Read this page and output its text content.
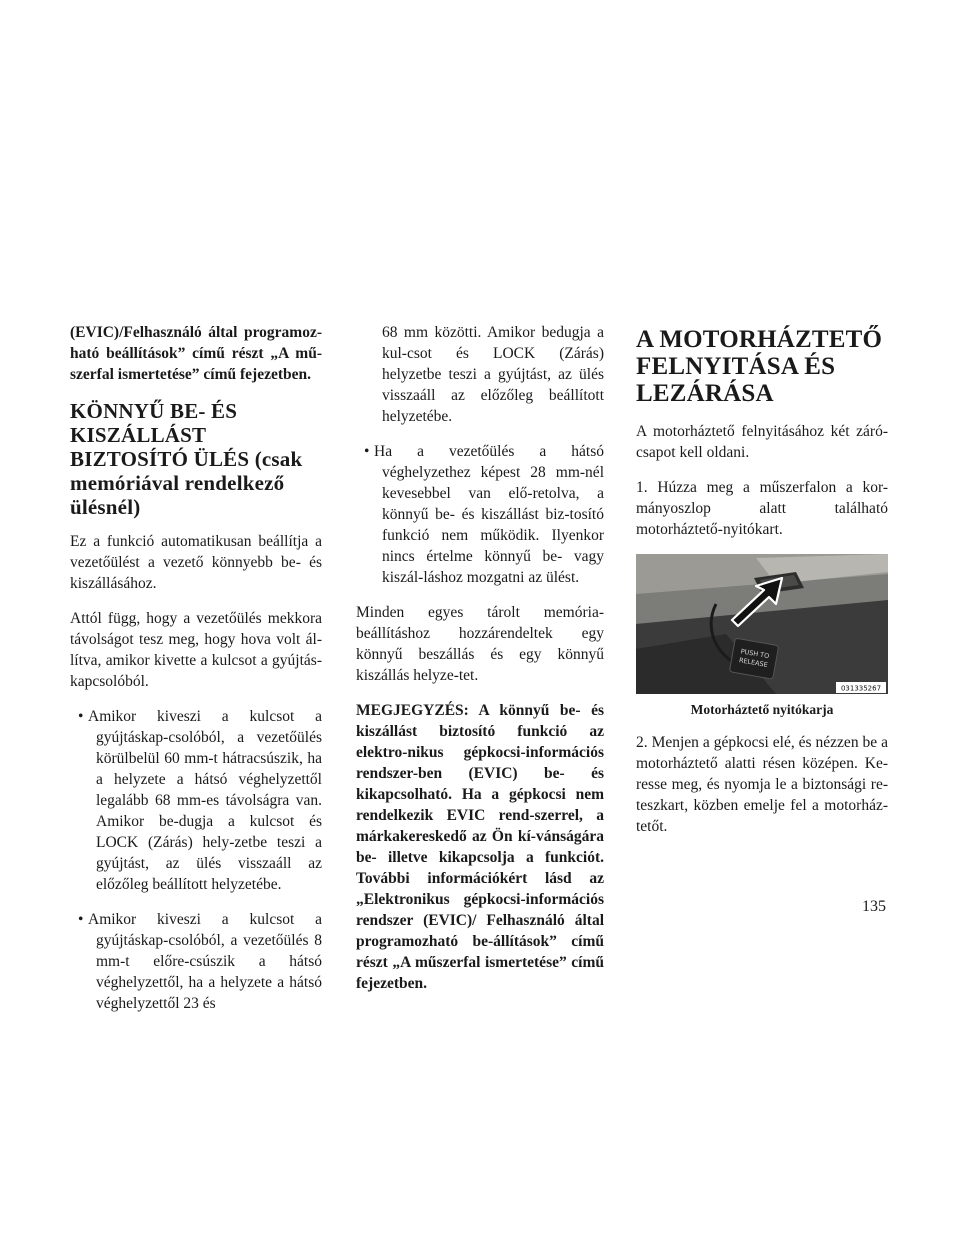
(EVIC)/Felhasználó által programoz-ható beállítások” című részt „A mű-szerfal ismertetése” című fejezetben.

KÖNNYŰ BE- ÉS KISZÁLLÁST BIZTOSÍTÓ ÜLÉS (csak memóriával rendelkező ülésnél)

Ez a funkció automatikusan beállítja a vezetőülést a vezető könnyebb be- és kiszállásához.

Attól függ, hogy a vezetőülés mekkora távolságot tesz meg, hogy hova volt ál-lítva, amikor kivette a kulcsot a gyújtás-kapcsolóból.

• Amikor kiveszi a kulcsot a gyújtáskap-csolóból, a vezetőülés körülbelül 60 mm-t hátracsúszik, ha a helyzete a hátsó véghelyzettől legalább 68 mm-es távolságra van. Amikor be-dugja a kulcsot és LOCK (Zárás) hely-zetbe teszi a gyújtást, az ülés visszaáll az előzőleg beállított helyzetébe.
• Amikor kiveszi a kulcsot a gyújtáskap-csolóból, a vezetőülés 8 mm-t előre-csúszik a hátsó véghelyzettől, ha a helyzete a hátsó véghelyzettől 23 és

68 mm közötti. Amikor bedugja a kul-csot és LOCK (Zárás) helyzetbe teszi a gyújtást, az ülés visszaáll az előzőleg beállított helyzetébe.

• Ha a vezetőülés a hátsó véghelyzethez képest 28 mm-nél kevesebbel van elő-retolva, a könnyű be- és kiszállást biz-tosító funkció nem működik. Ilyenkor nincs értelme könnyű be- vagy kiszál-láshoz mozgatni az ülést.

Minden egyes tárolt memória-beállításhoz hozzárendeltek egy könnyű beszállás és egy könnyű kiszállás helyze-tet.

MEGJEGYZÉS: A könnyű be- és kiszállást biztosító funkció az elektro-nikus gépkocsi-információs rendszer-ben (EVIC) be- és kikapcsolható. Ha a gépkocsi nem rendelkezik EVIC rend-szerrel, a márkakereskedő az Ön kí-vánságára be- illetve kikapcsolja a funkciót. További információkért lásd az „Elektronikus gépkocsi-információs rendszer (EVIC)/ Felhasználó által programozható be-állítások” című részt „A műszerfal ismertetése” című fejezetben.

A MOTORHÁZTETŐ FELNYITÁSA ÉS LEZÁRÁSA

A motorháztető felnyitásához két záró-csapot kell oldani.

1. Húzza meg a műszerfalon a kor-mányoszlop alatt található motorháztető-nyitókart.

PUSH TO
RELEASE
031335267
Motorháztető nyitókarja

2. Menjen a gépkocsi elé, és nézzen be a motorháztető alatti résen középen. Ke-resse meg, és nyomja le a biztonsági re-teszkart, közben emelje fel a motorház-tetőt.

135
